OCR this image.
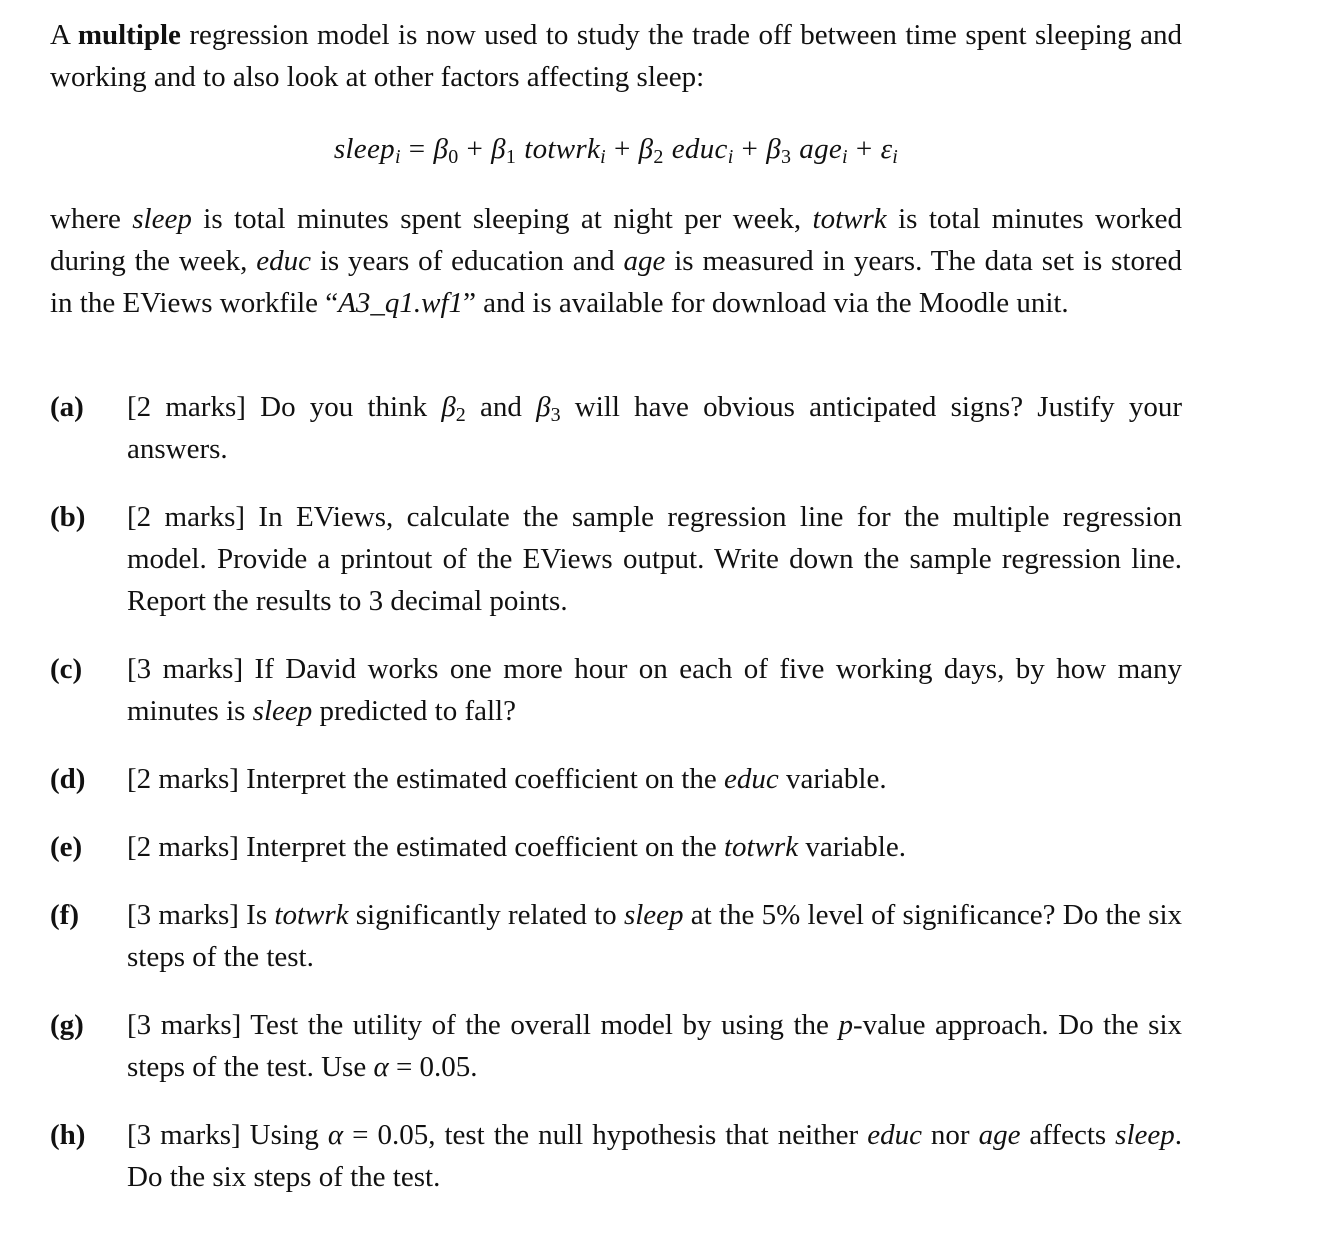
A multiple regression model is now used to study the trade off between time spent sleeping and working and to also look at other factors affecting sleep:

sleep$_i$ = $\beta_0 + \beta_1$ totwrk$_i$ + $\beta_2$ educ$_i$ + $\beta_3$ $age_i + \varepsilon_i$

where sleep is total minutes spent sleeping at night per week, totwrk is total minutes worked during the week, educ is years of education and age is measured in years. The data set is stored in the EViews workfile “A3_q1.wf1” and is available for download via the Moodle unit.

(a) [2 marks] Do you think $\beta_2$ and $\beta_3$ will have obvious anticipated signs? Justify your answers.

(b) [2 marks] In EViews, calculate the sample regression line for the multiple regression model. Provide a printout of the EViews output. Write down the sample regression line. Report the results to 3 decimal points.

(c) [3 marks] If David works one more hour on each of five working days, by how many minutes is sleep predicted to fall?

(d) [2 marks] Interpret the estimated coefficient on the educ variable.

(e) [2 marks] Interpret the estimated coefficient on the totwrk variable.

(f) [3 marks] Is totwrk significantly related to sleep at the 5% level of significance? Do the six steps of the test.

(g) [3 marks] Test the utility of the overall model by using the p-value approach. Do the six steps of the test. Use α = 0.05.

(h) [3 marks] Using α = 0.05, test the null hypothesis that neither educ nor age affects sleep. Do the six steps of the test.
